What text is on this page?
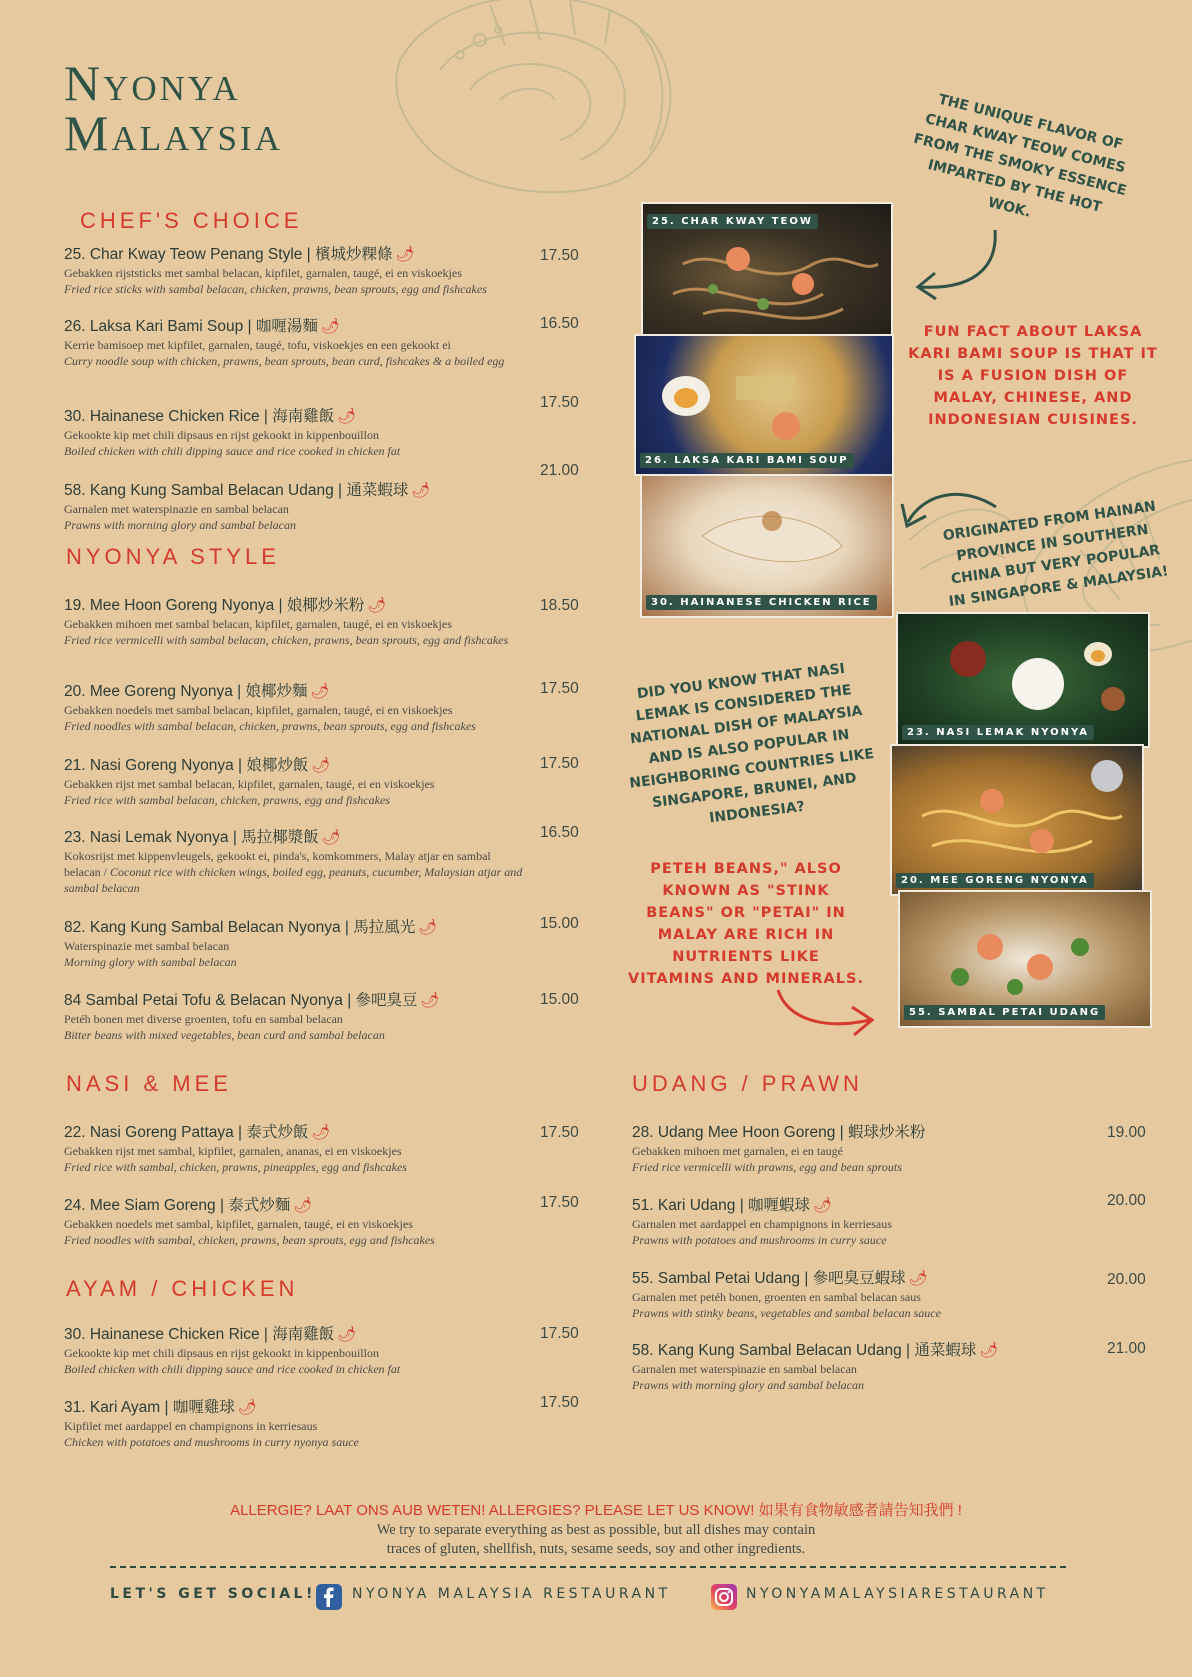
Nyonya
Malaysia
CHEF'S CHOICE
NYONYA STYLE
NASI & MEE	UDANG / PRAWN
AYAM / CHICKEN
25. Char Kway Teow Penang Style | 檳城炒粿條 🌶
Gebakken rijststicks met sambal belacan, kipfilet, garnalen, taugé, ei en viskoekjes
Fried rice sticks with sambal belacan, chicken, prawns, bean sprouts, egg and fishcakes
17.50
26. Laksa Kari Bami Soup | 咖喱湯麵 🌶
Kerrie bamisoep met kipfilet, garnalen, taugé, tofu, viskoekjes en een gekookt ei
Curry noodle soup with chicken, prawns, bean sprouts, bean curd, fishcakes & a boiled egg
16.50
30. Hainanese Chicken Rice | 海南雞飯 🌶
Gekookte kip met chili dipsaus en rijst gekookt in kippenbouillon
Boiled chicken with chili dipping sauce and rice cooked in chicken fat
17.50
58. Kang Kung Sambal Belacan Udang | 通菜蝦球 🌶
Garnalen met waterspinazie en sambal belacan
Prawns with morning glory and sambal belacan
21.00
19. Mee Hoon Goreng Nyonya | 娘椰炒米粉 🌶
Gebakken mihoen met sambal belacan, kipfilet, garnalen, taugé, ei en viskoekjes
Fried rice vermicelli with sambal belacan, chicken, prawns, bean sprouts, egg and fishcakes
18.50
20. Mee Goreng Nyonya | 娘椰炒麵 🌶
Gebakken noedels met sambal belacan, kipfilet, garnalen, taugé, ei en viskoekjes
Fried noodles with sambal belacan, chicken, prawns, bean sprouts, egg and fishcakes
17.50
21. Nasi Goreng Nyonya | 娘椰炒飯 🌶
Gebakken rijst met sambal belacan, kipfilet, garnalen, taugé, ei en viskoekjes
Fried rice with sambal belacan, chicken, prawns, egg and fishcakes
17.50
23. Nasi Lemak Nyonya | 馬拉椰漿飯 🌶
Kokosrijst met kippenvleugels, gekookt ei, pinda's, komkommers, Malay atjar en sambal belacan / Coconut rice with chicken wings, boiled egg, peanuts, cucumber, Malaysian atjar and sambal belacan
16.50
82. Kang Kung Sambal Belacan Nyonya | 馬拉風光 🌶
Waterspinazie met sambal belacan
Morning glory with sambal belacan
15.00
84 Sambal Petai Tofu & Belacan Nyonya | 參吧臭豆 🌶
Petéh bonen met diverse groenten, tofu en sambal belacan
Bitter beans with mixed vegetables, bean curd and sambal belacan
15.00
22. Nasi Goreng Pattaya | 泰式炒飯 🌶
Gebakken rijst met sambal, kipfilet, garnalen, ananas, ei en viskoekjes
Fried rice with sambal, chicken, prawns, pineapples, egg and fishcakes
17.50
24. Mee Siam Goreng | 泰式炒麵 🌶
Gebakken noedels met sambal, kipfilet, garnalen, taugé, ei en viskoekjes
Fried noodles with sambal, chicken, prawns, bean sprouts, egg and fishcakes
17.50
30. Hainanese Chicken Rice | 海南雞飯 🌶
Gekookte kip met chili dipsaus en rijst gekookt in kippenbouillon
Boiled chicken with chili dipping sauce and rice cooked in chicken fat
17.50
31. Kari Ayam | 咖喱雞球 🌶
Kipfilet met aardappel en champignons in kerriesaus
Chicken with potatoes and mushrooms in curry nyonya sauce
17.50
28. Udang Mee Hoon Goreng | 蝦球炒米粉
Gebakken mihoen met garnalen, ei en taugé
Fried rice vermicelli with prawns, egg and bean sprouts
19.00
51. Kari Udang | 咖喱蝦球 🌶
Garnalen met aardappel en champignons in kerriesaus
Prawns with potatoes and mushrooms in curry sauce
20.00
55. Sambal Petai Udang | 參吧臭豆蝦球 🌶
Garnalen met petéh bonen, groenten en sambal belacan saus
Prawns with stinky beans, vegetables and sambal belacan sauce
20.00
58. Kang Kung Sambal Belacan Udang | 通菜蝦球 🌶
Garnalen met waterspinazie en sambal belacan
Prawns with morning glory and sambal belacan
21.00
25. CHAR KWAY TEOW
26. LAKSA KARI BAMI SOUP
30. HAINANESE CHICKEN RICE
23. NASI LEMAK NYONYA
20. MEE GORENG NYONYA
55. SAMBAL PETAI UDANG
THE UNIQUE FLAVOR OF CHAR KWAY TEOW COMES FROM THE SMOKY ESSENCE IMPARTED BY THE HOT WOK.
FUN FACT ABOUT LAKSA KARI BAMI SOUP IS THAT IT IS A FUSION DISH OF MALAY, CHINESE, AND INDONESIAN CUISINES.
ORIGINATED FROM HAINAN PROVINCE IN SOUTHERN CHINA BUT VERY POPULAR IN SINGAPORE & MALAYSIA!
DID YOU KNOW THAT NASI LEMAK IS CONSIDERED THE NATIONAL DISH OF MALAYSIA AND IS ALSO POPULAR IN NEIGHBORING COUNTRIES LIKE SINGAPORE, BRUNEI, AND INDONESIA?
PETEH BEANS," ALSO KNOWN AS "STINK BEANS" OR "PETAI" IN MALAY ARE RICH IN NUTRIENTS LIKE VITAMINS AND MINERALS.
ALLERGIE? LAAT ONS AUB WETEN! ALLERGIES? PLEASE LET US KNOW! 如果有食物敏感者請告知我們 !
We try to separate everything as best as possible, but all dishes may contain
traces of gluten, shellfish, nuts, sesame seeds, soy and other ingredients.
LET'S GET SOCIAL!	NYONYA MALAYSIA RESTAURANT	NYONYAMALAYSIARESTAURANT
